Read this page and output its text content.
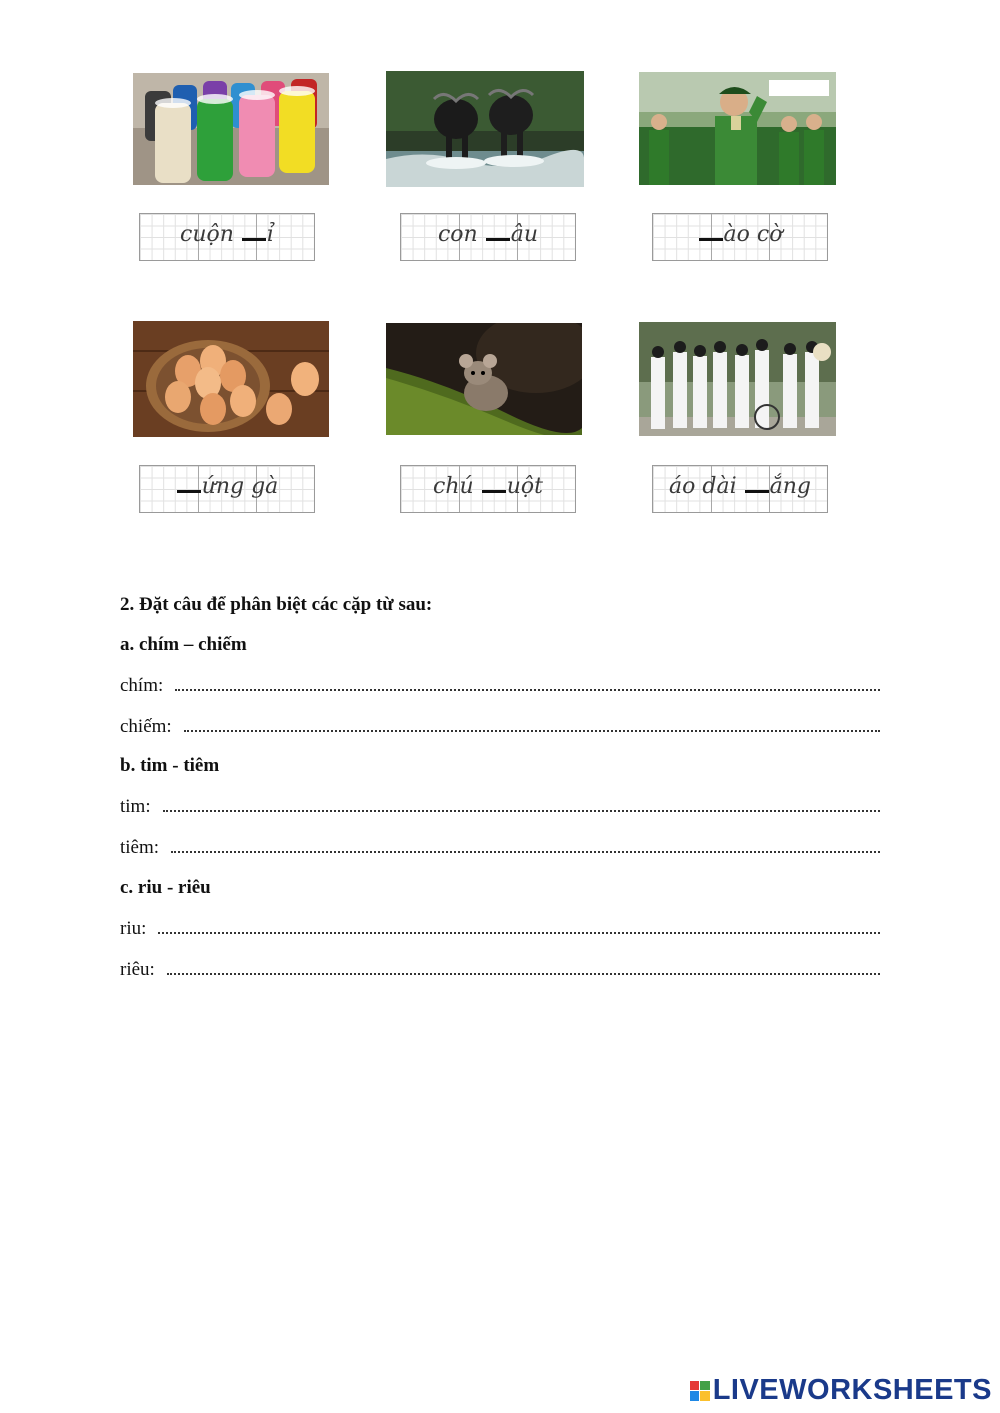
cuộn ỉ	con âu	ào cờ
ứng gà	chú uột	áo dài ắng
2. Đặt câu để phân biệt các cặp từ sau:
a. chím – chiếm
chím:
chiếm:
b. tim - tiêm
tim:
tiêm:
c. riu - riêu
riu:
riêu:
LIVEWORKSHEETS
